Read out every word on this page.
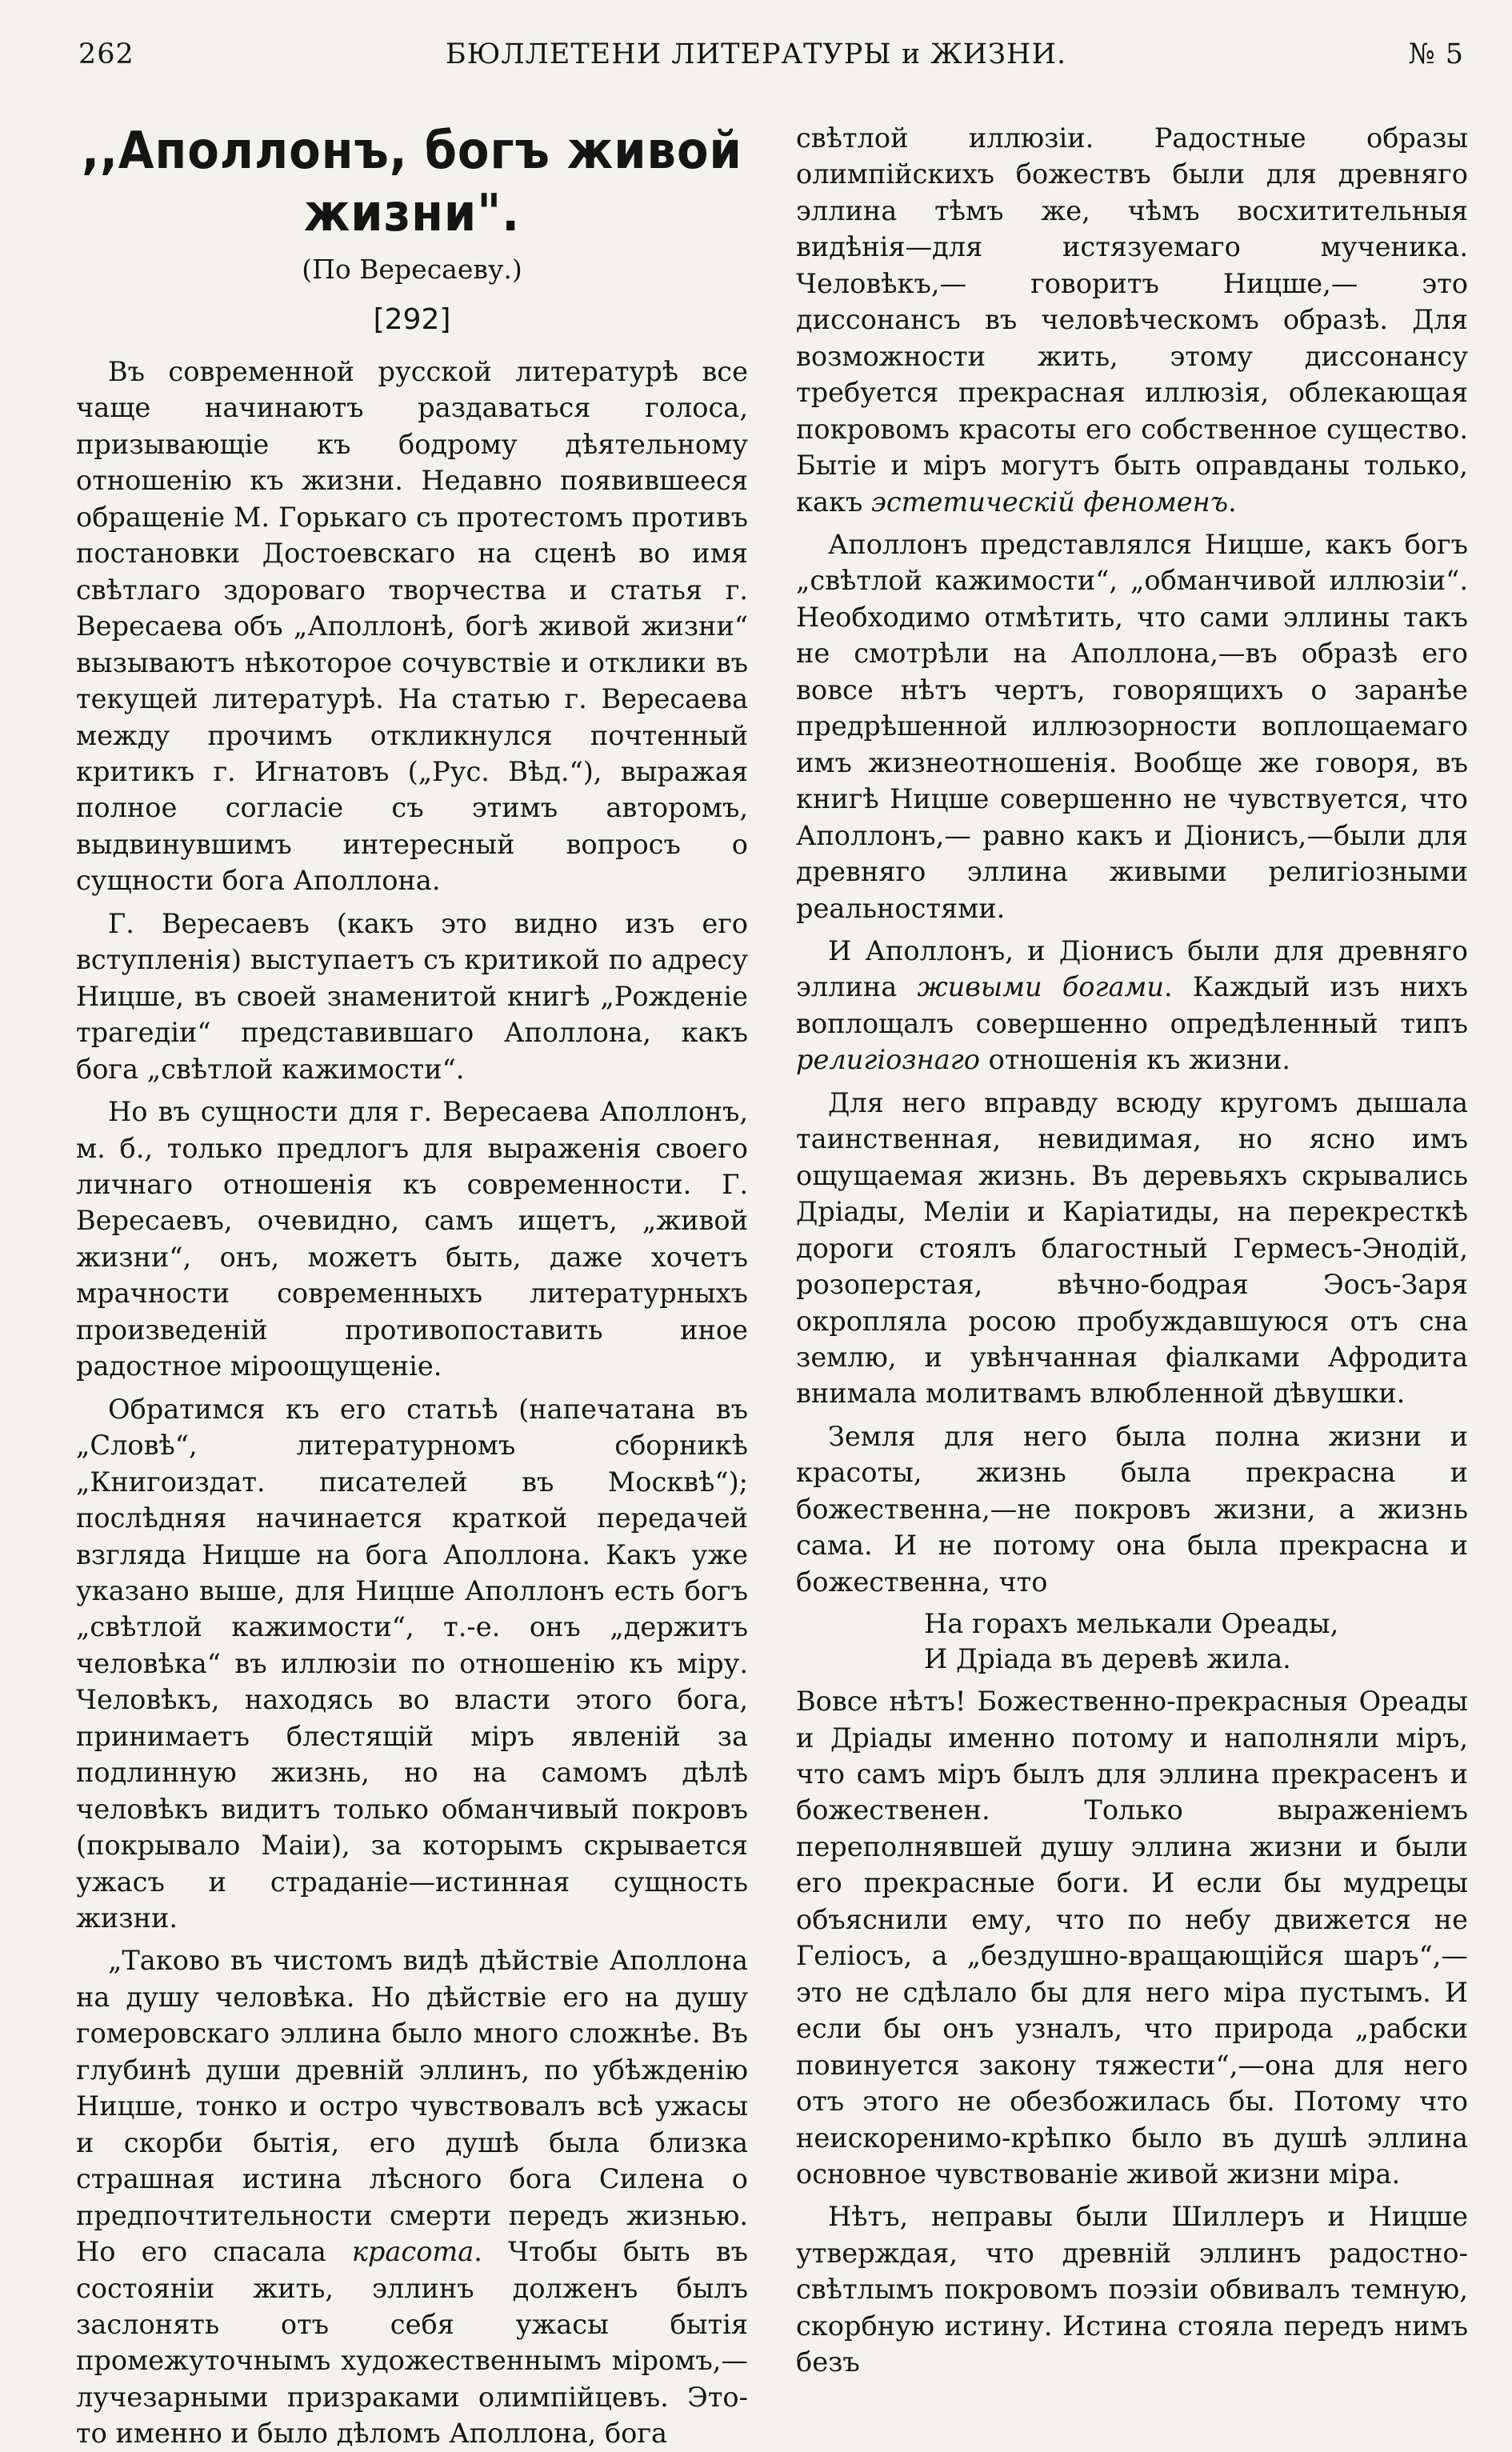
262	БЮЛЛЕТЕНИ ЛИТЕРАТУРЫ и ЖИЗНИ.	№ 5
,,Аполлонъ, богъ живой жизни".
(По Вересаеву.)
[292]

Въ современной русской литературѣ все чаще начинаютъ раздаваться голоса, призывающіе къ бодрому дѣятельному отношенію къ жизни. Недавно появившееся обращеніе М. Горькаго съ протестомъ противъ постановки Достоевскаго на сценѣ во имя свѣтлаго здороваго творчества и статья г. Вересаева объ „Аполлонѣ, богѣ живой жизни“ вызываютъ нѣкоторое сочувствіе и отклики въ текущей литературѣ. На статью г. Вересаева между прочимъ откликнулся почтенный критикъ г. Игнатовъ („Рус. Вѣд.“), выражая полное согласіе съ этимъ авторомъ, выдвинувшимъ интересный вопросъ о сущности бога Аполлона.

Г. Вересаевъ (какъ это видно изъ его вступленія) выступаетъ съ критикой по адресу Ницше, въ своей знаменитой книгѣ „Рожденіе трагедіи“ представившаго Аполлона, какъ бога „свѣтлой кажимости“.

Но въ сущности для г. Вересаева Аполлонъ, м. б., только предлогъ для выраженія своего личнаго отношенія къ современности. Г. Вересаевъ, очевидно, самъ ищетъ, „живой жизни“, онъ, можетъ быть, даже хочетъ мрачности современныхъ литературныхъ произведеній противопоставить иное радостное міроощущеніе.

Обратимся къ его статьѣ (напечатана въ „Словѣ“, литературномъ сборникѣ „Книгоиздат. писателей въ Москвѣ“); послѣдняя начинается краткой передачей взгляда Ницше на бога Аполлона. Какъ уже указано выше, для Ницше Аполлонъ есть богъ „свѣтлой кажимости“, т.-е. онъ „держитъ человѣка“ въ иллюзіи по отношенію къ міру. Человѣкъ, находясь во власти этого бога, принимаетъ блестящій міръ явленій за подлинную жизнь, но на самомъ дѣлѣ человѣкъ видитъ только обманчивый покровъ (покрывало Маіи), за которымъ скрывается ужасъ и страданіе—истинная сущность жизни.

„Таково въ чистомъ видѣ дѣйствіе Аполлона на душу человѣка. Но дѣйствіе его на душу гомеровскаго эллина было много сложнѣе. Въ глубинѣ души древній эллинъ, по убѣжденію Ницше, тонко и остро чувствовалъ всѣ ужасы и скорби бытія, его душѣ была близка страшная истина лѣсного бога Силена о предпочтительности смерти передъ жизнью. Но его спасала красота. Чтобы быть въ состояніи жить, эллинъ долженъ былъ заслонять отъ себя ужасы бытія промежуточнымъ художественнымъ міромъ,—лучезарными призраками олимпійцевъ. Это-то именно и было дѣломъ Аполлона, бога

свѣтлой иллюзіи. Радостные образы олимпійскихъ божествъ были для древняго эллина тѣмъ же, чѣмъ восхитительныя видѣнія—для истязуемаго мученика. Человѣкъ,— говоритъ Ницше,— это диссонансъ въ человѣческомъ образѣ. Для возможности жить, этому диссонансу требуется прекрасная иллюзія, облекающая покровомъ красоты его собственное существо. Бытіе и міръ могутъ быть оправданы только, какъ эстетическій феноменъ.

Аполлонъ представлялся Ницше, какъ богъ „свѣтлой кажимости“, „обманчивой иллюзіи“. Необходимо отмѣтить, что сами эллины такъ не смотрѣли на Аполлона,—въ образѣ его вовсе нѣтъ чертъ, говорящихъ о заранѣе предрѣшенной иллюзорности воплощаемаго имъ жизнеотношенія. Вообще же говоря, въ книгѣ Ницше совершенно не чувствуется, что Аполлонъ,— равно какъ и Діонисъ,—были для древняго эллина живыми религіозными реальностями.

И Аполлонъ, и Діонисъ были для древняго эллина живыми богами. Каждый изъ нихъ воплощалъ совершенно опредѣленный типъ религіознаго отношенія къ жизни.

Для него вправду всюду кругомъ дышала таинственная, невидимая, но ясно имъ ощущаемая жизнь. Въ деревьяхъ скрывались Дріады, Меліи и Каріатиды, на перекресткѣ дороги стоялъ благостный Гермесъ-Энодій, розоперстая, вѣчно-бодрая Эосъ-Заря окропляла росою пробуждавшуюся отъ сна землю, и увѣнчанная фіалками Афродита внимала молитвамъ влюбленной дѣвушки.

Земля для него была полна жизни и красоты, жизнь была прекрасна и божественна,—не покровъ жизни, а жизнь сама. И не потому она была прекрасна и божественна, что

На горахъ мелькали Ореады,
И Дріада въ деревѣ жила.

Вовсе нѣтъ! Божественно-прекрасныя Ореады и Дріады именно потому и наполняли міръ, что самъ міръ былъ для эллина прекрасенъ и божественен. Только выраженіемъ переполнявшей душу эллина жизни и были его прекрасные боги. И если бы мудрецы объяснили ему, что по небу движется не Геліосъ, а „бездушно-вращающійся шаръ“,—это не сдѣлало бы для него міра пустымъ. И если бы онъ узналъ, что природа „рабски повинуется закону тяжести“,—она для него отъ этого не обезбожилась бы. Потому что неискоренимо-крѣпко было въ душѣ эллина основное чувствованіе живой жизни міра.

Нѣтъ, неправы были Шиллеръ и Ницше утверждая, что древній эллинъ радостно-свѣтлымъ покровомъ поэзіи обвивалъ темную, скорбную истину. Истина стояла передъ нимъ безъ
